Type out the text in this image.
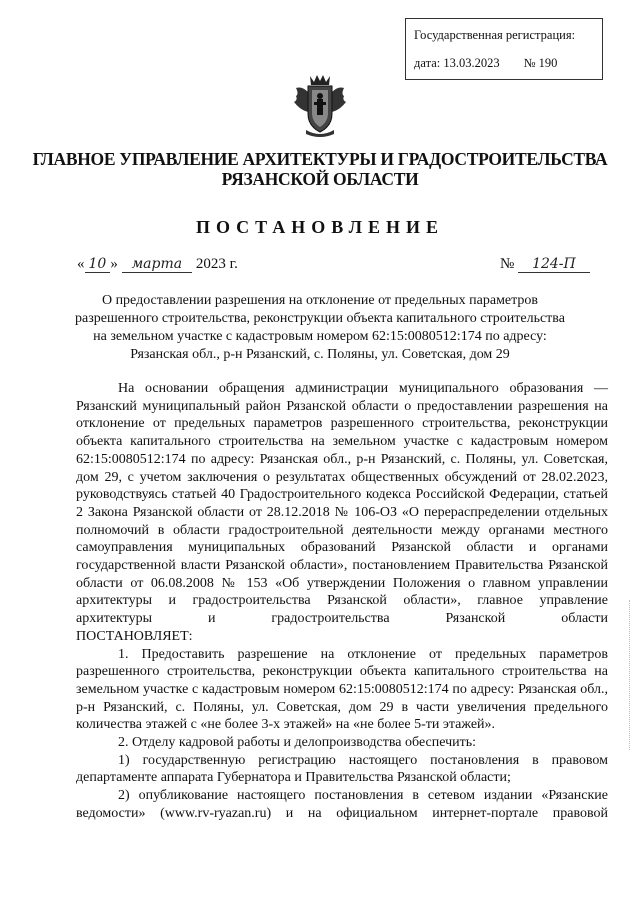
Государственная регистрация:
дата: 13.03.2023 № 190
ГЛАВНОЕ УПРАВЛЕНИЕ АРХИТЕКТУРЫ И ГРАДОСТРОИТЕЛЬСТВА
РЯЗАНСКОЙ ОБЛАСТИ
ПОСТАНОВЛЕНИЕ
« 10 » марта 2023 г.	№ 124-П
О предоставлении разрешения на отклонение от предельных параметров
разрешенного строительства, реконструкции объекта капитального строительства
на земельном участке с кадастровым номером 62:15:0080512:174 по адресу:
Рязанская обл., р-н Рязанский, с. Поляны, ул. Советская, дом 29

На основании обращения администрации муниципального образования — Рязанский муниципальный район Рязанской области о предоставлении разрешения на отклонение от предельных параметров разрешенного строительства, реконструкции объекта капитального строительства на земельном участке с кадастровым номером 62:15:0080512:174 по адресу: Рязанская обл., р-н Рязанский, с. Поляны, ул. Советская, дом 29, с учетом заключения о результатах общественных обсуждений от 28.02.2023, руководствуясь статьей 40 Градостроительного кодекса Российской Федерации, статьей 2 Закона Рязанской области от 28.12.2018 № 106-ОЗ «О перераспределении отдельных полномочий в области градостроительной деятельности между органами местного самоуправления муниципальных образований Рязанской области и органами государственной власти Рязанской области», постановлением Правительства Рязанской области от 06.08.2008 № 153 «Об утверждении Положения о главном управлении архитектуры и градостроительства Рязанской области», главное управление архитектуры и градостроительства Рязанской области

ПОСТАНОВЛЯЕТ:

1. Предоставить разрешение на отклонение от предельных параметров разрешенного строительства, реконструкции объекта капитального строительства на земельном участке с кадастровым номером 62:15:0080512:174 по адресу: Рязанская обл., р-н Рязанский, с. Поляны, ул. Советская, дом 29 в части увеличения предельного количества этажей с «не более 3-х этажей» на «не более 5-ти этажей».

2. Отделу кадровой работы и делопроизводства обеспечить:

1) государственную регистрацию настоящего постановления в правовом департаменте аппарата Губернатора и Правительства Рязанской области;

2) опубликование настоящего постановления в сетевом издании «Рязанские ведомости» (www.rv-ryazan.ru) и на официальном интернет-портале правовой
